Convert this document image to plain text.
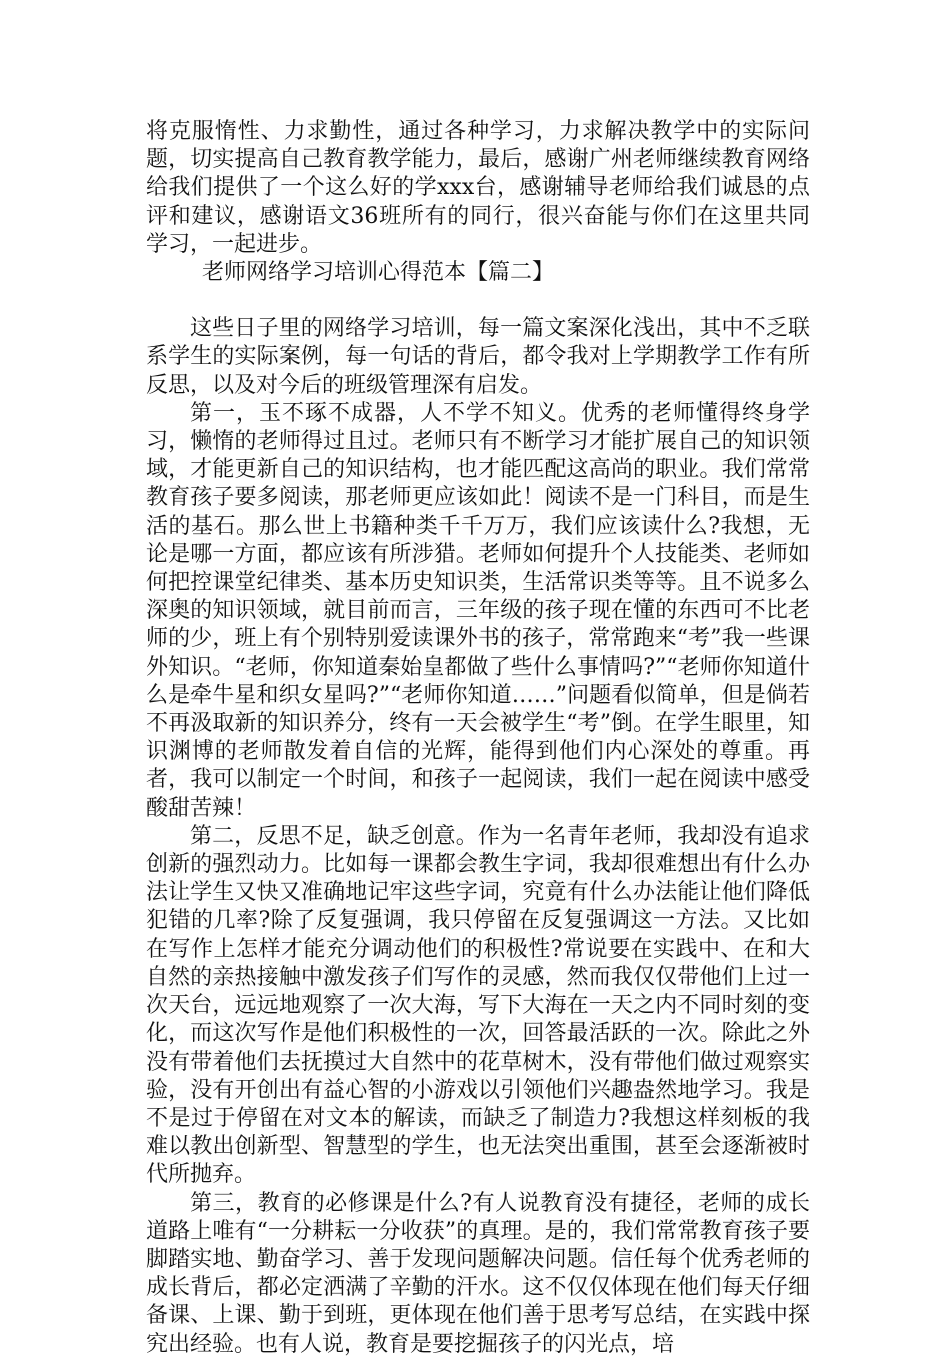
将克服惰性、力求勤性，通过各种学习，力求解决教学中的实际问题，切实提高自己教育教学能力，最后，感谢广州老师继续教育网络给我们提供了一个这么好的学xxx台，感谢辅导老师给我们诚恳的点评和建议，感谢语文36班所有的同行，很兴奋能与你们在这里共同学习，一起进步。

老师网络学习培训心得范本【篇二】

这些日子里的网络学习培训，每一篇文案深化浅出，其中不乏联系学生的实际案例，每一句话的背后，都令我对上学期教学工作有所反思，以及对今后的班级管理深有启发。

第一，玉不琢不成器，人不学不知义。优秀的老师懂得终身学习，懒惰的老师得过且过。老师只有不断学习才能扩展自己的知识领域，才能更新自己的知识结构，也才能匹配这高尚的职业。我们常常教育孩子要多阅读，那老师更应该如此！阅读不是一门科目，而是生活的基石。那么世上书籍种类千千万万，我们应该读什么?我想，无论是哪一方面，都应该有所涉猎。老师如何提升个人技能类、老师如何把控课堂纪律类、基本历史知识类，生活常识类等等。且不说多么深奥的知识领域，就目前而言，三年级的孩子现在懂的东西可不比老师的少，班上有个别特别爱读课外书的孩子，常常跑来“考”我一些课外知识。“老师，你知道秦始皇都做了些什么事情吗?”“老师你知道什么是牵牛星和织女星吗?”“老师你知道……”问题看似简单，但是倘若不再汲取新的知识养分，终有一天会被学生“考”倒。在学生眼里，知识渊博的老师散发着自信的光辉，能得到他们内心深处的尊重。再者，我可以制定一个时间，和孩子一起阅读，我们一起在阅读中感受酸甜苦辣！

第二，反思不足，缺乏创意。作为一名青年老师，我却没有追求创新的强烈动力。比如每一课都会教生字词，我却很难想出有什么办法让学生又快又准确地记牢这些字词，究竟有什么办法能让他们降低犯错的几率?除了反复强调，我只停留在反复强调这一方法。又比如在写作上怎样才能充分调动他们的积极性?常说要在实践中、在和大自然的亲热接触中激发孩子们写作的灵感，然而我仅仅带他们上过一次天台，远远地观察了一次大海，写下大海在一天之内不同时刻的变化，而这次写作是他们积极性的一次，回答最活跃的一次。除此之外没有带着他们去抚摸过大自然中的花草树木，没有带他们做过观察实验，没有开创出有益心智的小游戏以引领他们兴趣盎然地学习。我是不是过于停留在对文本的解读，而缺乏了制造力?我想这样刻板的我难以教出创新型、智慧型的学生，也无法突出重围，甚至会逐渐被时代所抛弃。

第三，教育的必修课是什么?有人说教育没有捷径，老师的成长道路上唯有“一分耕耘一分收获”的真理。是的，我们常常教育孩子要脚踏实地、勤奋学习、善于发现问题解决问题。信任每个优秀老师的成长背后，都必定洒满了辛勤的汗水。这不仅仅体现在他们每天仔细备课、上课、勤于到班，更体现在他们善于思考写总结，在实践中探究出经验。也有人说，教育是要挖掘孩子的闪光点，培
